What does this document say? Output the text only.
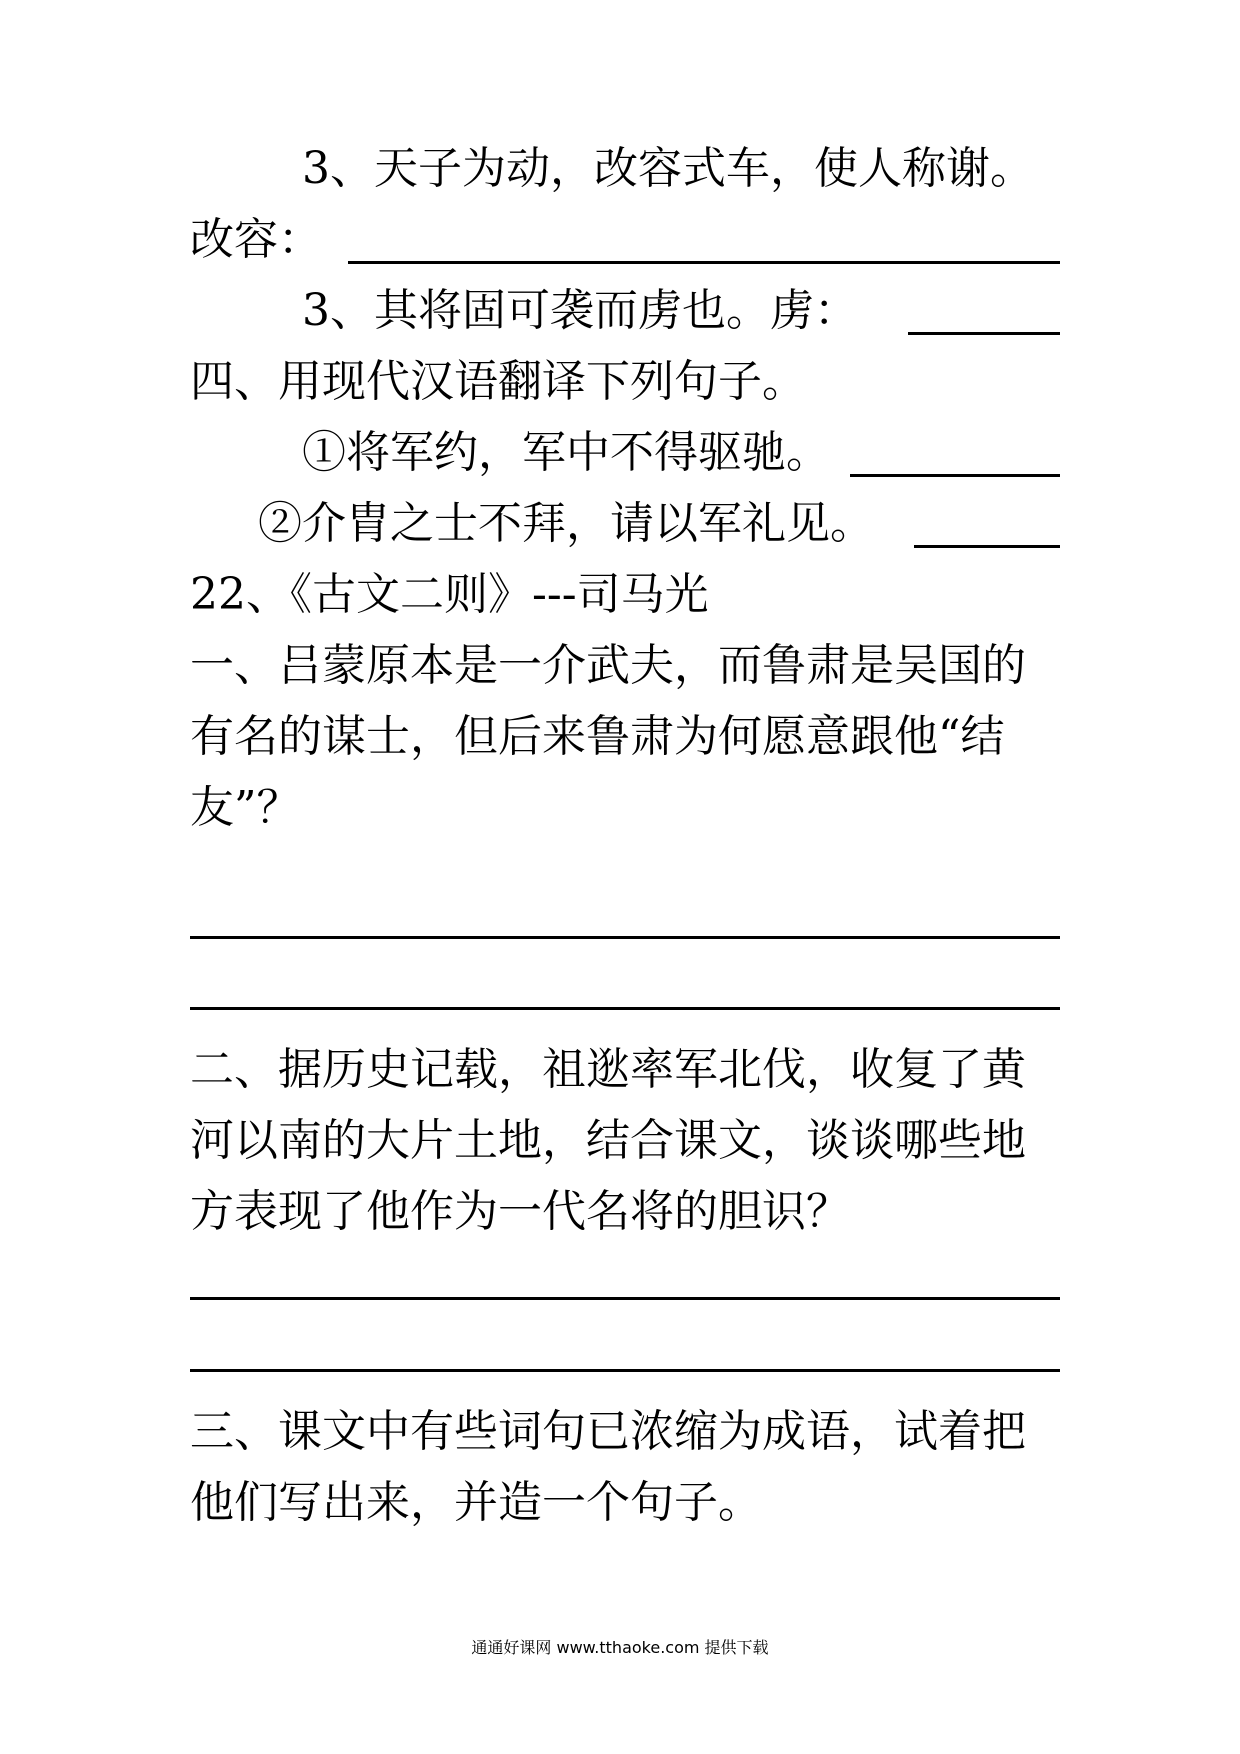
3、天子为动，改容式车，使人称谢。
改容：
3、其将固可袭而虏也。虏：
四、用现代汉语翻译下列句子。
①将军约，军中不得驱驰。
②介胄之士不拜，请以军礼见。
22、《古文二则》---司马光
一、吕蒙原本是一介武夫，而鲁肃是吴国的
有名的谋士，但后来鲁肃为何愿意跟他“结
友”？
二、据历史记载，祖逖率军北伐，收复了黄
河以南的大片土地，结合课文，谈谈哪些地
方表现了他作为一代名将的胆识？
三、课文中有些词句已浓缩为成语，试着把
他们写出来，并造一个句子。
通通好课网 www.tthaoke.com 提供下载
